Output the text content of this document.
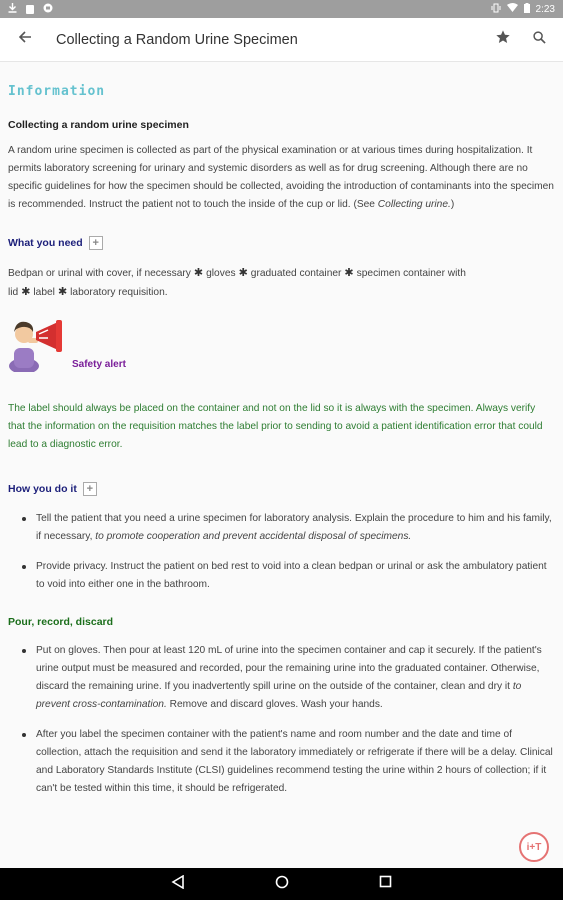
2:23
Collecting a Random Urine Specimen
Information
Collecting a random urine specimen

A random urine specimen is collected as part of the physical examination or at various times during hospitalization. It permits laboratory screening for urinary and systemic disorders as well as for drug screening. Although there are no specific guidelines for how the specimen should be collected, avoiding the introduction of contaminants into the specimen is recommended. Instruct the patient not to touch the inside of the cup or lid. (See Collecting urine.)

What you need +

Bedpan or urinal with cover, if necessary ✱ gloves ✱ graduated container ✱ specimen container with lid ✱ label ✱ laboratory requisition.

Safety alert

The label should always be placed on the container and not on the lid so it is always with the specimen. Always verify that the information on the requisition matches the label prior to sending to avoid a patient identification error that could lead to a diagnostic error.

How you do it +
Tell the patient that you need a urine specimen for laboratory analysis. Explain the procedure to him and his family, if necessary, to promote cooperation and prevent accidental disposal of specimens.
Provide privacy. Instruct the patient on bed rest to void into a clean bedpan or urinal or ask the ambulatory patient to void into either one in the bathroom.
Pour, record, discard
Put on gloves. Then pour at least 120 mL of urine into the specimen container and cap it securely. If the patient's urine output must be measured and recorded, pour the remaining urine into the graduated container. Otherwise, discard the remaining urine. If you inadvertently spill urine on the outside of the container, clean and dry it to prevent cross-contamination. Remove and discard gloves. Wash your hands.
After you label the specimen container with the patient's name and room number and the date and time of collection, attach the requisition and send it the laboratory immediately or refrigerate if there will be a delay. Clinical and Laboratory Standards Institute (CLSI) guidelines recommend testing the urine within 2 hours of collection; if it can't be tested within this time, it should be refrigerated.
i+T
